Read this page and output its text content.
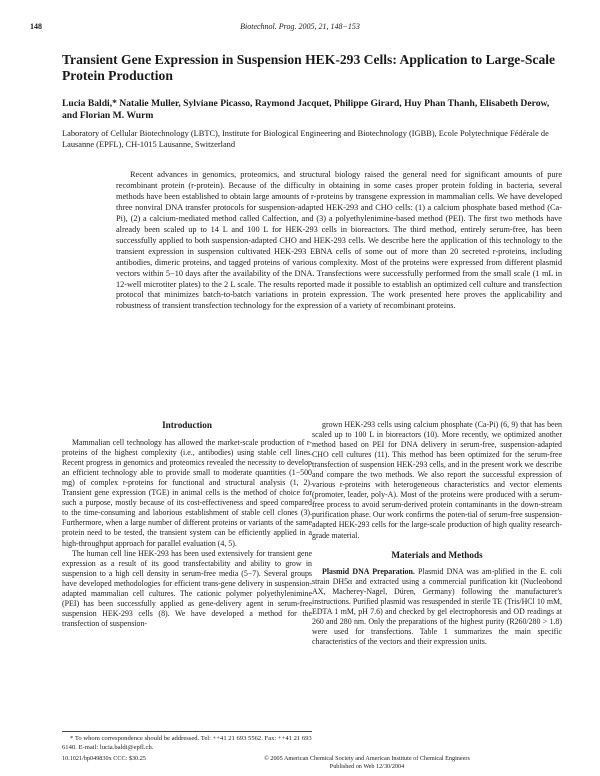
148	Biotechnol. Prog. 2005, 21, 148−153
Transient Gene Expression in Suspension HEK-293 Cells: Application to Large-Scale Protein Production
Lucia Baldi,* Natalie Muller, Sylviane Picasso, Raymond Jacquet, Philippe Girard, Huy Phan Thanh, Elisabeth Derow, and Florian M. Wurm
Laboratory of Cellular Biotechnology (LBTC), Institute for Biological Engineering and Biotechnology (IGBB), Ecole Polytechnique Fédérale de Lausanne (EPFL), CH-1015 Lausanne, Switzerland

Recent advances in genomics, proteomics, and structural biology raised the general need for significant amounts of pure recombinant protein (r-protein). Because of the difficulty in obtaining in some cases proper protein folding in bacteria, several methods have been established to obtain large amounts of r-proteins by transgene expression in mammalian cells. We have developed three nonviral DNA transfer protocols for suspension-adapted HEK-293 and CHO cells: (1) a calcium phosphate based method (Ca-Pi), (2) a calcium-mediated method called Calfection, and (3) a polyethylenimine-based method (PEI). The first two methods have already been scaled up to 14 L and 100 L for HEK-293 cells in bioreactors. The third method, entirely serum-free, has been successfully applied to both suspension-adapted CHO and HEK-293 cells. We describe here the application of this technology to the transient expression in suspension cultivated HEK-293 EBNA cells of some out of more than 20 secreted r-proteins, including antibodies, dimeric proteins, and tagged proteins of various complexity. Most of the proteins were expressed from different plasmid vectors within 5−10 days after the availability of the DNA. Transfections were successfully performed from the small scale (1 mL in 12-well microtiter plates) to the 2 L scale. The results reported made it possible to establish an optimized cell culture and transfection protocol that minimizes batch-to-batch variations in protein expression. The work presented here proves the applicability and robustness of transient transfection technology for the expression of a variety of recombinant proteins.

Introduction

Mammalian cell technology has allowed the market-scale production of r-proteins of the highest complexity (i.e., antibodies) using stable cell lines. Recent progress in genomics and proteomics revealed the necessity to develop an efficient technology able to provide small to moderate quantities (1−500 mg) of complex r-proteins for functional and structural analysis (1, 2). Transient gene expression (TGE) in animal cells is the method of choice for such a purpose, mostly because of its cost-effectiveness and speed compared to the time-consuming and laborious establishment of stable cell clones (3). Furthermore, when a large number of different proteins or variants of the same protein need to be tested, the transient system can be efficiently applied in a high-throughput approach for parallel evaluation (4, 5).

The human cell line HEK-293 has been used extensively for transient gene expression as a result of its good transfectability and ability to grow in suspension to a high cell density in serum-free media (5−7). Several groups have developed methodologies for efficient trans-gene delivery in suspension-adapted mammalian cell cultures. The cationic polymer polyethylenimine (PEI) has been successfully applied as gene-delivery agent in serum-free suspension HEK-293 cells (8). We have developed a method for the transfection of suspension-

grown HEK-293 cells using calcium phosphate (Ca-Pi) (6, 9) that has been scaled up to 100 L in bioreactors (10). More recently, we optimized another method based on PEI for DNA delivery in serum-free, suspension-adapted CHO cell cultures (11). This method has been optimized for the serum-free transfection of suspension HEK-293 cells, and in the present work we describe and compare the two methods. We also report the successful expression of various r-proteins with heterogeneous characteristics and vector elements (promoter, leader, poly-A). Most of the proteins were produced with a serum-free process to avoid serum-derived protein contaminants in the down-stream purification phase. Our work confirms the poten-tial of serum-free suspension-adapted HEK-293 cells for the large-scale production of high quality research-grade material.

Materials and Methods

Plasmid DNA Preparation. Plasmid DNA was am-plified in the E. coli strain DH5α and extracted using a commercial purification kit (Nucleobond AX, Macherey-Nagel, Düren, Germany) following the manufacturer's instructions. Purified plasmid was resuspended in sterile TE (Tris/HCl 10 mM, EDTA 1 mM, pH 7.6) and checked by gel electrophoresis and OD readings at 260 and 280 nm. Only the preparations of the highest purity (R260/280 > 1.8) were used for transfections. Table 1 summarizes the main specific characteristics of the vectors and their expression units.

* To whom correspondence should be addressed. Tel: ++41 21 693 5562. Fax: ++41 21 693 6140. E-mail: lucia.baldi@epfl.ch.

10.1021/bp049830x CCC: $30.25	© 2005 American Chemical Society and American Institute of Chemical Engineers
Published on Web 12/30/2004
